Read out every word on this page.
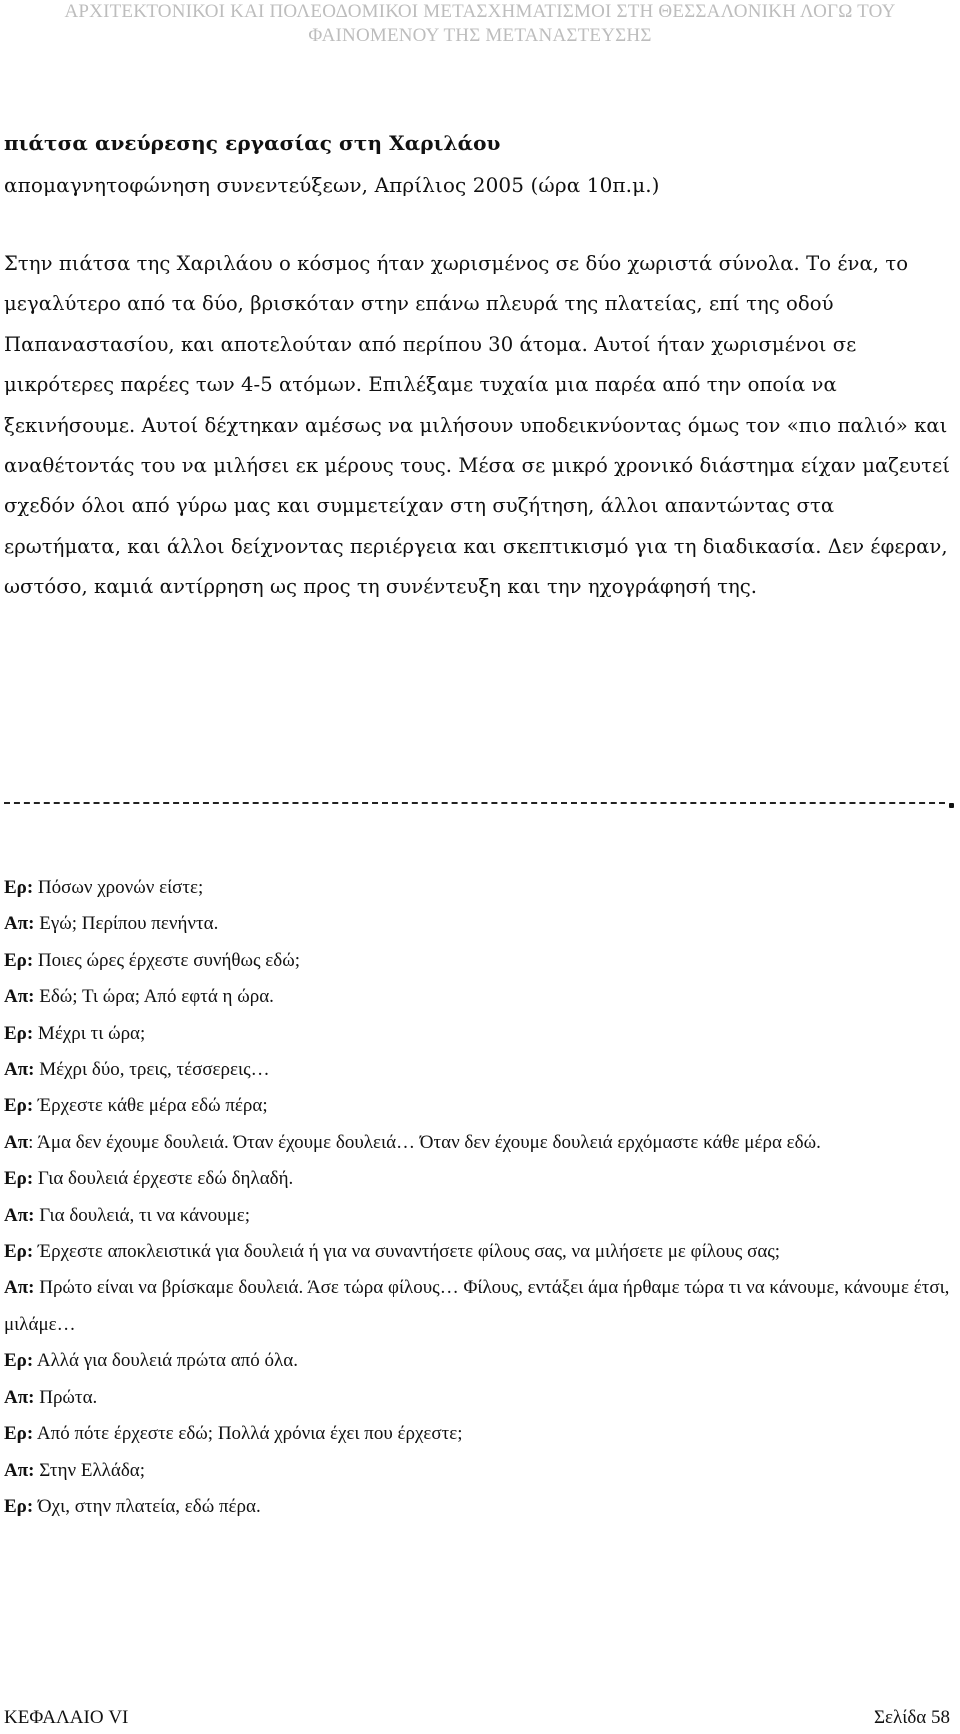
ΑΡΧΙΤΕΚΤΟΝΙΚΟΙ ΚΑΙ ΠΟΛΕΟΔΟΜΙΚΟΙ ΜΕΤΑΣΧΗΜΑΤΙΣΜΟΙ ΣΤΗ ΘΕΣΣΑΛΟΝΙΚΗ ΛΟΓΩ ΤΟΥ
ΦΑΙΝΟΜΕΝΟΥ ΤΗΣ ΜΕΤΑΝΑΣΤΕΥΣΗΣ
πιάτσα ανεύρεσης εργασίας στη Χαριλάου
απομαγνητοφώνηση συνεντεύξεων, Απρίλιος 2005 (ώρα 10π.μ.)

Στην πιάτσα της Χαριλάου ο κόσμος ήταν χωρισμένος σε δύο χωριστά σύνολα. Το ένα, το μεγαλύτερο από τα δύο, βρισκόταν στην επάνω πλευρά της πλατείας, επί της οδού Παπαναστασίου, και αποτελούταν από περίπου 30 άτομα. Αυτοί ήταν χωρισμένοι σε μικρότερες παρέες των 4-5 ατόμων. Επιλέξαμε τυχαία μια παρέα από την οποία να ξεκινήσουμε. Αυτοί δέχτηκαν αμέσως να μιλήσουν υποδεικνύοντας όμως τον «πιο παλιό» και αναθέτοντάς του να μιλήσει εκ μέρους τους. Μέσα σε μικρό χρονικό διάστημα είχαν μαζευτεί σχεδόν όλοι από γύρω μας και συμμετείχαν στη συζήτηση, άλλοι απαντώντας στα ερωτήματα, και άλλοι δείχνοντας περιέργεια και σκεπτικισμό για τη διαδικασία. Δεν έφεραν, ωστόσο, καμιά αντίρρηση ως προς τη συνέντευξη και την ηχογράφησή της.

Ερ: Πόσων χρονών είστε;

Απ: Εγώ; Περίπου πενήντα.

Ερ: Ποιες ώρες έρχεστε συνήθως εδώ;

Απ: Εδώ; Τι ώρα; Από εφτά η ώρα.

Ερ: Μέχρι τι ώρα;

Απ: Μέχρι δύο, τρεις, τέσσερεις…

Ερ: Έρχεστε κάθε μέρα εδώ πέρα;

Απ: Άμα δεν έχουμε δουλειά. Όταν έχουμε δουλειά… Όταν δεν έχουμε δουλειά ερχόμαστε κάθε μέρα εδώ.

Ερ: Για δουλειά έρχεστε εδώ δηλαδή.

Απ: Για δουλειά, τι να κάνουμε;

Ερ: Έρχεστε αποκλειστικά για δουλειά ή για να συναντήσετε φίλους σας, να μιλήσετε με φίλους σας;

Απ: Πρώτο είναι να βρίσκαμε δουλειά. Άσε τώρα φίλους… Φίλους, εντάξει άμα ήρθαμε τώρα τι να κάνουμε, κάνουμε έτσι, μιλάμε…

Ερ: Αλλά για δουλειά πρώτα από όλα.

Απ: Πρώτα.

Ερ: Από πότε έρχεστε εδώ; Πολλά χρόνια έχει που έρχεστε;

Απ: Στην Ελλάδα;

Ερ: Όχι, στην πλατεία, εδώ πέρα.

ΚΕΦΑΛΑΙΟ VI	Σελίδα 58
